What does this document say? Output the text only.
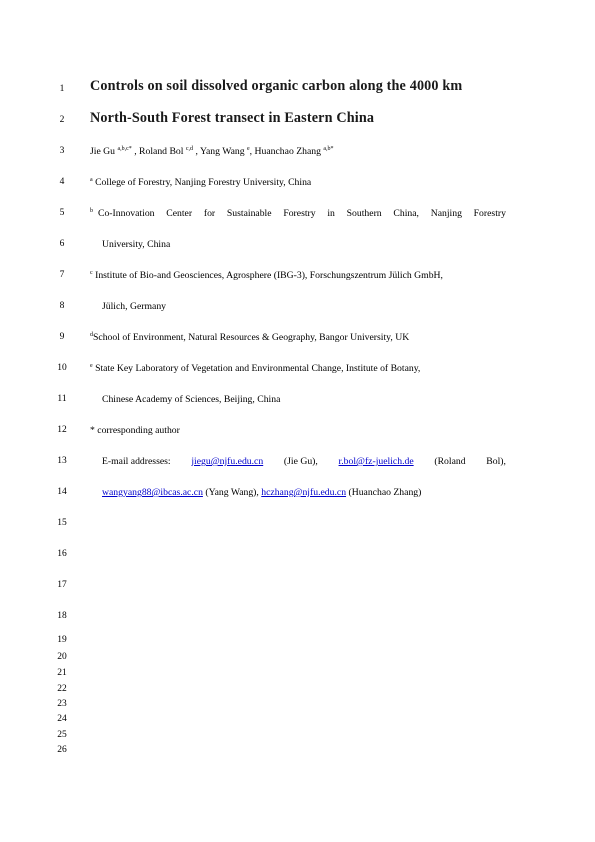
1
2
3
4
5
6
7
8
9
10
11
12
13
14
15
16
17
18
19
20
21
22
23
24
25
26
Controls on soil dissolved organic carbon along the 4000 km
North-South Forest transect in Eastern China
Jie Gu $^{a,b,c*}$ , Roland Bol $^{c,d}$ , Yang Wang $^e$, Huanchao Zhang $^{a,b*}$
$^a$ College of Forestry, Nanjing Forestry University, China
b Co-Innovation Center for Sustainable Forestry in Southern China, Nanjing Forestry
University, China
$^c$ Institute of Bio-and Geosciences, Agrosphere (IBG-3), Forschungszentrum Jülich GmbH,
Jülich, Germany
$^d$School of Environment, Natural Resources & Geography, Bangor University, UK
$^e$ State Key Laboratory of Vegetation and Environmental Change, Institute of Botany,
Chinese Academy of Sciences, Beijing, China
* corresponding author
E-mail addresses: jiegu@njfu.edu.cn (Jie Gu), r.bol@fz-juelich.de (Roland Bol),
wangyang88@ibcas.ac.cn (Yang Wang), hczhang@njfu.edu.cn (Huanchao Zhang)
